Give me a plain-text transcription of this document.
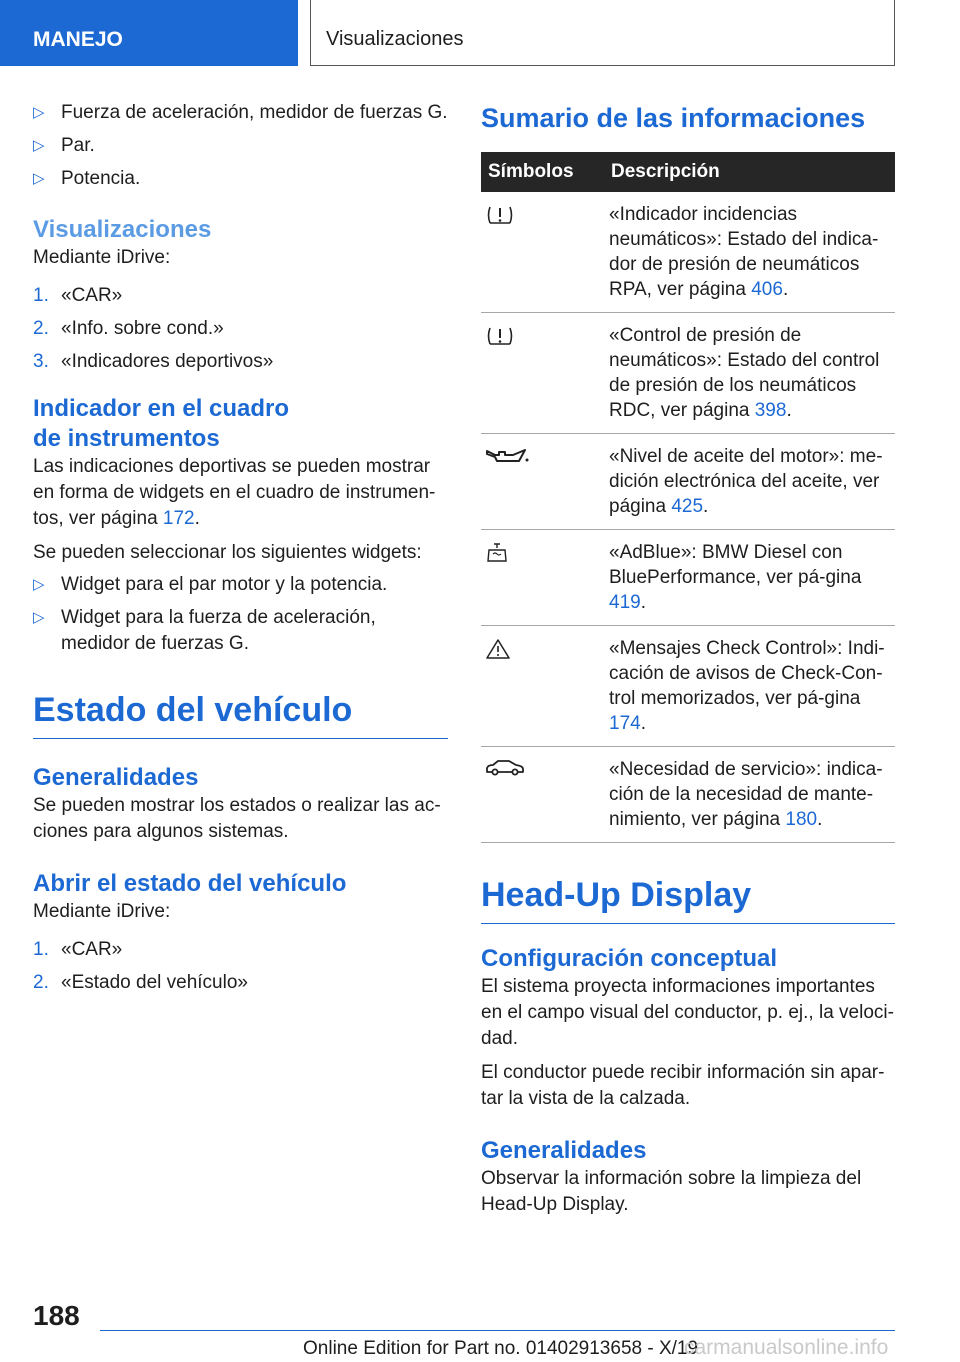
MANEJO	Visualizaciones
▷ Fuerza de aceleración, medidor de fuerzas G.
▷ Par.
▷ Potencia.
Visualizaciones

Mediante iDrive:

1. «CAR»
2. «Info. sobre cond.»
3. «Indicadores deportivos»
Indicador en el cuadro
de instrumentos

Las indicaciones deportivas se pueden mostrar en forma de widgets en el cuadro de instrumen‐tos, ver página 172.

Se pueden seleccionar los siguientes widgets:

▷ Widget para el par motor y la potencia.
▷ Widget para la fuerza de aceleración, medidor de fuerzas G.
Estado del vehículo
Generalidades

Se pueden mostrar los estados o realizar las ac‐ciones para algunos sistemas.

Abrir el estado del vehículo

Mediante iDrive:

1. «CAR»
2. «Estado del vehículo»
Sumario de las informaciones
Símbolos	Descripción
	«Indicador incidencias neumáticos»: Estado del indica‐dor de presión de neumáticos RPA, ver página 406.
	«Control de presión de neumáticos»: Estado del control de presión de los neumáticos RDC, ver página 398.
	«Nivel de aceite del motor»: me‐dición electrónica del aceite, ver página 425.
	«AdBlue»: BMW Diesel con BluePerformance, ver pá‐gina 419.
	«Mensajes Check Control»: Indi‐cación de avisos de Check-Con‐trol memorizados, ver pá‐gina 174.
	«Necesidad de servicio»: indica‐ción de la necesidad de mante‐nimiento, ver página 180.
Head-Up Display
Configuración conceptual

El sistema proyecta informaciones importantes en el campo visual del conductor, p. ej., la veloci‐dad.

El conductor puede recibir información sin apar‐tar la vista de la calzada.

Generalidades

Observar la información sobre la limpieza del Head-Up Display.

188
Online Edition for Part no. 01402913658 - X/19
carmanualsonline.info
